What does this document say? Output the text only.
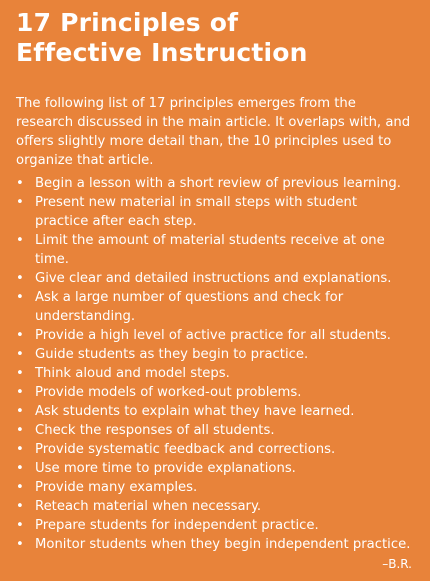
17 Principles of
Effective Instruction

The following list of 17 principles emerges from the research discussed in the main article. It overlaps with, and offers slightly more detail than, the 10 principles used to organize that article.

• Begin a lesson with a short review of previous learning.
• Present new material in small steps with student practice after each step.
• Limit the amount of material students receive at one time.
• Give clear and detailed instructions and explanations.
• Ask a large number of questions and check for understanding.
• Provide a high level of active practice for all students.
• Guide students as they begin to practice.
• Think aloud and model steps.
• Provide models of worked-out problems.
• Ask students to explain what they have learned.
• Check the responses of all students.
• Provide systematic feedback and corrections.
• Use more time to provide explanations.
• Provide many examples.
• Reteach material when necessary.
• Prepare students for independent practice.
• Monitor students when they begin independent practice.
–B.R.
